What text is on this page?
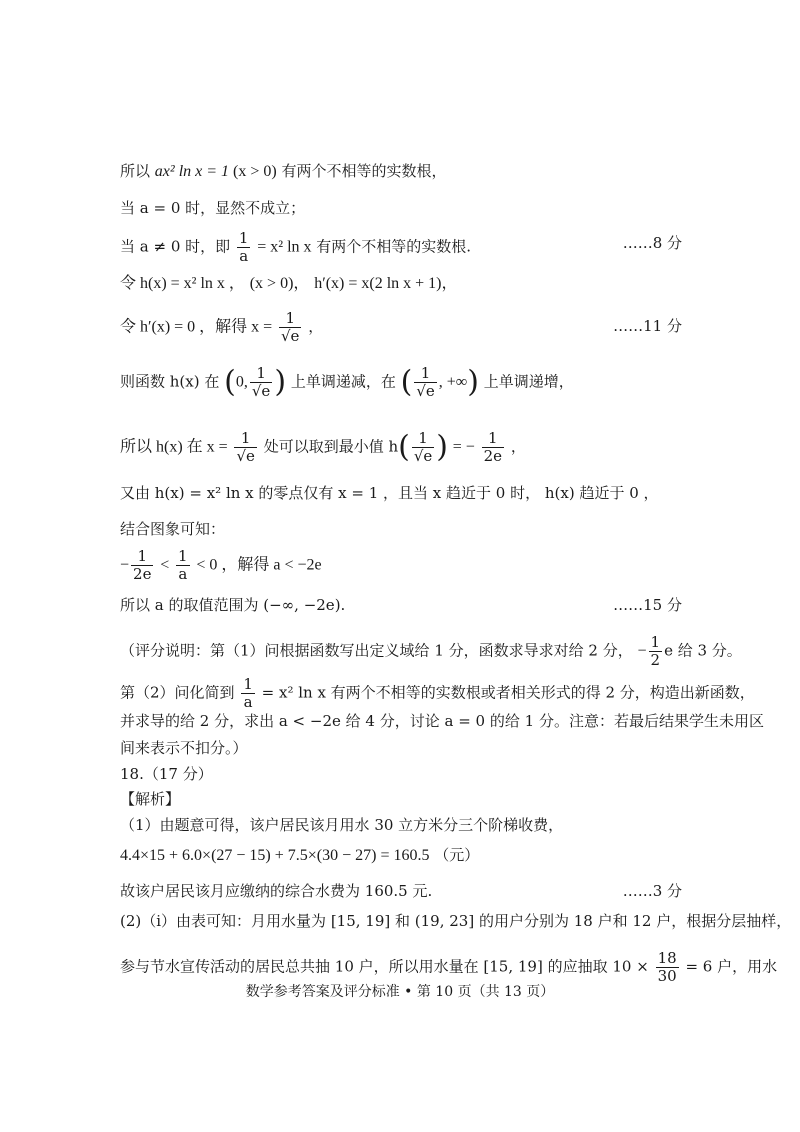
所以 ax² ln x = 1 (x > 0) 有两个不相等的实数根，
当 a = 0 时，显然不成立；
当 a ≠ 0 时，即 $\frac{1}{a} = x^2$ ln x 有两个不相等的实数根.	……8 分
令 h(x) = x² ln x ， (x > 0)， h′(x) = x(2 ln x + 1)，
令 h′(x) = 0 ，解得 $x = \frac{1}{√e}$ ，	……11 分
则函数 h(x) 在 (0, $\frac{1}{√e}$ ) 上单调递减，在 ( $\frac{1}{√e}$ , +∞) 上单调递增，
所以 h(x) 在 $x = \frac{1}{√e}$ 处可以取到最小值 $h( \frac{1}{√e}$ ) = − $\frac{1}{2e}$ ，
又由 h(x) = x² ln x 的零点仅有 x = 1 ，且当 x 趋近于 0 时， h(x) 趋近于 0 ，
结合图象可知：
− $\frac{1}{2e} < \frac{1}{a} < 0$ ，解得 a < −2e
所以 a 的取值范围为 (−∞, −2e).	……15 分
（评分说明：第（1）问根据函数写出定义域给 1 分，函数求导求对给 2 分， − $\frac{1}{2}$ e 给 3 分。
第（2）问化简到 $\frac{1}{a} = x^2$ ln x 有两个不相等的实数根或者相关形式的得 2 分，构造出新函数，
并求导的给 2 分，求出 a < −2e 给 4 分，讨论 a = 0 的给 1 分。注意：若最后结果学生未用区
间来表示不扣分。）
18.（17 分）
【解析】
（1）由题意可得，该户居民该月用水 30 立方米分三个阶梯收费，
4.4×15 + 6.0×(27 − 15) + 7.5×(30 − 27) = 160.5 （元）
故该户居民该月应缴纳的综合水费为 160.5 元.	……3 分
(2)（i）由表可知：月用水量为 [15, 19] 和 (19, 23] 的用户分别为 18 户和 12 户，根据分层抽样，
参与节水宣传活动的居民总共抽 10 户，所以用水量在 [15, 19] 的应抽取 $10 \times \frac{18}{30} = 6$ 户，用水
数学参考答案及评分标准 • 第 10 页（共 13 页）
